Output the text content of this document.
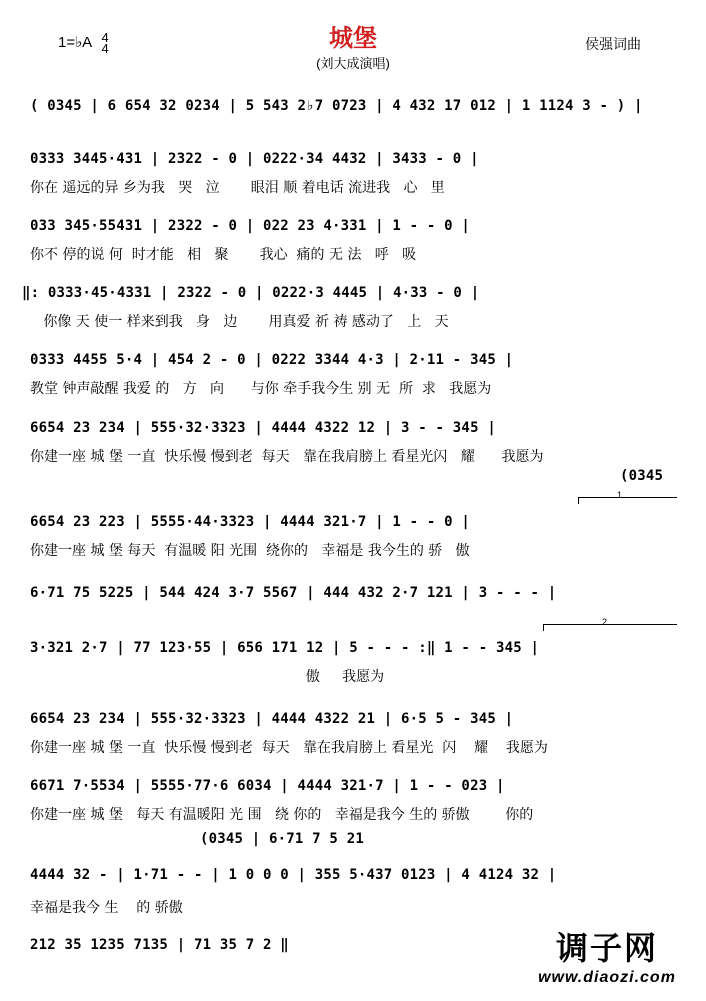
1=♭A 4
4	城堡
(刘大成演唱)
侯强词曲
( 0345 | 6 654 32 0234 | 5 543 2♭7 0723 | 4 432 17 012 | 1 1124 3 - ) |
0333 3445·431 | 2322 - 0 | 0222·34 4432 | 3433 - 0 |
你在 遥远的异 乡为我   哭   泣       眼泪 顺 着电话 流进我   心   里
033 345·55431 | 2322 - 0 | 022 23 4·331 | 1 - - 0 |
你不 停的说 何  时才能   相   聚       我心  痛的 无 法   呼   吸
‖: 0333·45·4331 | 2322 - 0 | 0222·3 4445 | 4·33 - 0 |
你像 天 使一 样来到我   身   边       用真爱 祈 祷 感动了   上   天
0333 4455 5·4 | 454 2 - 0 | 0222 3344 4·3 | 2·11 - 345 |
教堂 钟声敲醒 我爱 的   方   向      与你 牵手我今生 别 无  所  求   我愿为
6654 23 234 | 555·32·3323 | 4444 4322 12 | 3 - - 345 |
你建一座 城 堡 一直  快乐慢 慢到老  每天   靠在我肩膀上 看星光闪   耀      我愿为
(0345
1
6654 23 223 | 5555·44·3323 | 4444 321·7 | 1 - - 0 |
你建一座 城 堡 每天  有温暖 阳 光围  绕你的   幸福是 我今生的 骄   傲
6·71 75 5225 | 544 424 3·7 5567 | 444 432 2·7 121 | 3 - - - |
2
3·321 2·7 | 77 123·55 | 656 171 12 | 5 - - - :‖ 1 - - 345 |
傲     我愿为
6654 23 234 | 555·32·3323 | 4444 4322 21 | 6·5 5 - 345 |
你建一座 城 堡 一直  快乐慢 慢到老  每天   靠在我肩膀上 看星光  闪    耀    我愿为
6671 7·5534 | 5555·77·6 6034 | 4444 321·7 | 1 - - 023 |
你建一座 城 堡   每天 有温暖阳 光 围   绕 你的   幸福是我今 生的 骄傲        你的
(0345 | 6·71 7 5 21
4444 32 - | 1·71 - - | 1 0 0 0 | 355 5·437 0123 | 4 4124 32 |
幸福是我今 生    的 骄傲
212 35 1235 7135 | 71 35 7 2 ‖	调子网
www.diaozi.com
